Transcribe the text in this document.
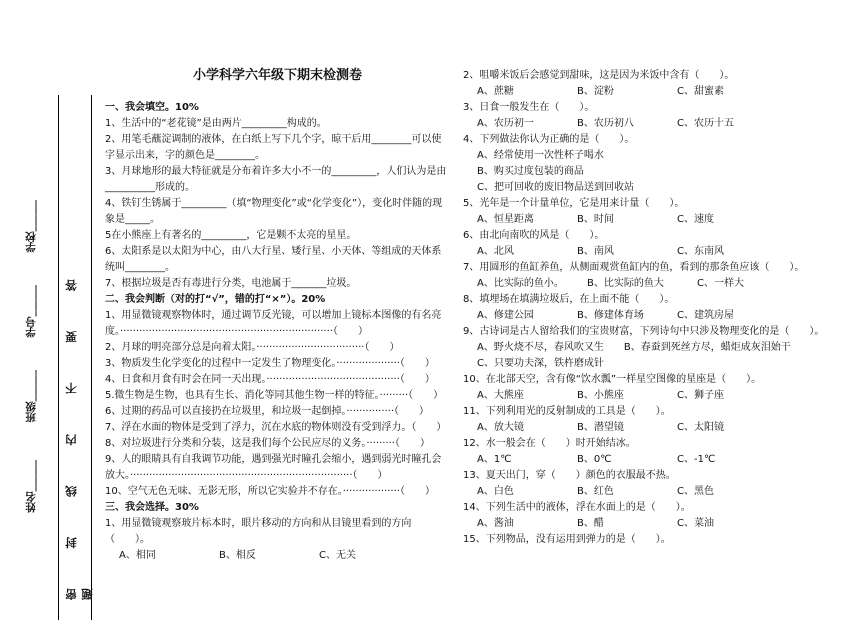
姓名______
班级______
学号______
学校______
密 封 线 内 不 要 答 题
小学科学六年级下期末检测卷
一、我会填空。10%
1、生活中的“老花镜”是由两片_________构成的。
2、用笔毛蘸淀调制的液体，在白纸上写下几个字，晾干后用________可以使字显示出来，字的颜色是________。
3、月球地形的最大特征就是分布着许多大小不一的_________，人们认为是由__________形成的。
4、铁钉生锈属于_________（填“物理变化”或“化学变化”），变化时伴随的现象是_____。
5在小熊座上有著名的_________，它是颗不太亮的星星。
6、太阳系是以太阳为中心，由八大行星、矮行星、小天体、等组成的天体系统叫________。
7、根据垃圾是否有毒进行分类，电池属于_______垃圾。
二、我会判断（对的打“√”，错的打“×”）。20%
1、用显微镜观察物体时，通过调节反光镜，可以增加上镜标本图像的有名亮度。···································································（　　）
2、月球的明亮部分总是向着太阳。··································（　　）
3、物质发生化学变化的过程中一定发生了物理变化。····················（　　）
4、日食和月食有时会在同一天出现。··········································（　　）
5.微生物是生物，也具有生长、消化等同其他生物一样的特征。·········（　　）
6、过期的药品可以直接扔在垃圾里，和垃圾一起倒掉。···············（　　）
7、浮在水面的物体是受到了浮力，沉在水底的物体则没有受到浮力。（　　）
8、对垃圾进行分类和分装，这是我们每个公民应尽的义务。·········（　　）
9、人的眼睛具有自我调节功能，遇到强光时瞳孔会缩小，遇到弱光时瞳孔会放大。······································································（　　）
10、空气无色无味、无影无形，所以它实验并不存在。··················（　　）
三、我会选择。30%
1、用显微镜观察玻片标本时，眼片移动的方向和从目镜里看到的方向（　　）。
A、相同	B、相反	C、无关
2、咀嚼米饭后会感觉到甜味，这是因为米饭中含有（　　）。
A、蔗糖	B、淀粉	C、甜蜜素
3、日食一般发生在（　　）。
A、农历初一	B、农历初八	C、农历十五
4、下列做法你认为正确的是（　　）。
A、经常使用一次性杯子喝水
B、购买过度包装的商品
C、把可回收的废旧物品送到回收站
5、光年是一个计量单位，它是用来计量（　　）。
A、恒星距离	B、时间	C、速度
6、由北向南吹的风是（　　）。
A、北风	B、南风	C、东南风
7、用圆形的鱼缸养鱼，从侧面观赏鱼缸内的鱼，看到的那条鱼应该（　　）。
A、比实际的鱼小。 B、比实际的鱼大	C、一样大
8、填埋场在填满垃圾后，在上面不能（　　）。
A、修建公园	B、修建体育场	C、建筑房屋
9、古诗词是古人留给我们的宝贵财富，下列诗句中只涉及物理变化的是（　　）。
A、野火烧不尽，春风吹又生　　B、春蚕到死丝方尽，蜡炬成灰泪始干
C、只要功夫深，铁杵磨成针
10、在北部天空，含有像“饮水瓢”一样星空图像的星座是（　　）。
A、大熊座	B、小熊座	C、狮子座
11、下列利用光的反射制成的工具是（　　）。
A、放大镜	B、潜望镜	C、太阳镜
12、水一般会在（　　）时开始结冰。
A、1℃	B、0℃	C、-1℃
13、夏天出门，穿（　　）颜色的衣服最不热。
A、白色	B、红色	C、黑色
14、下列生活中的液体，浮在水面上的是（　　）。
A、酱油	B、醋	C、菜油
15、下列物品，没有运用到弹力的是（　　）。
